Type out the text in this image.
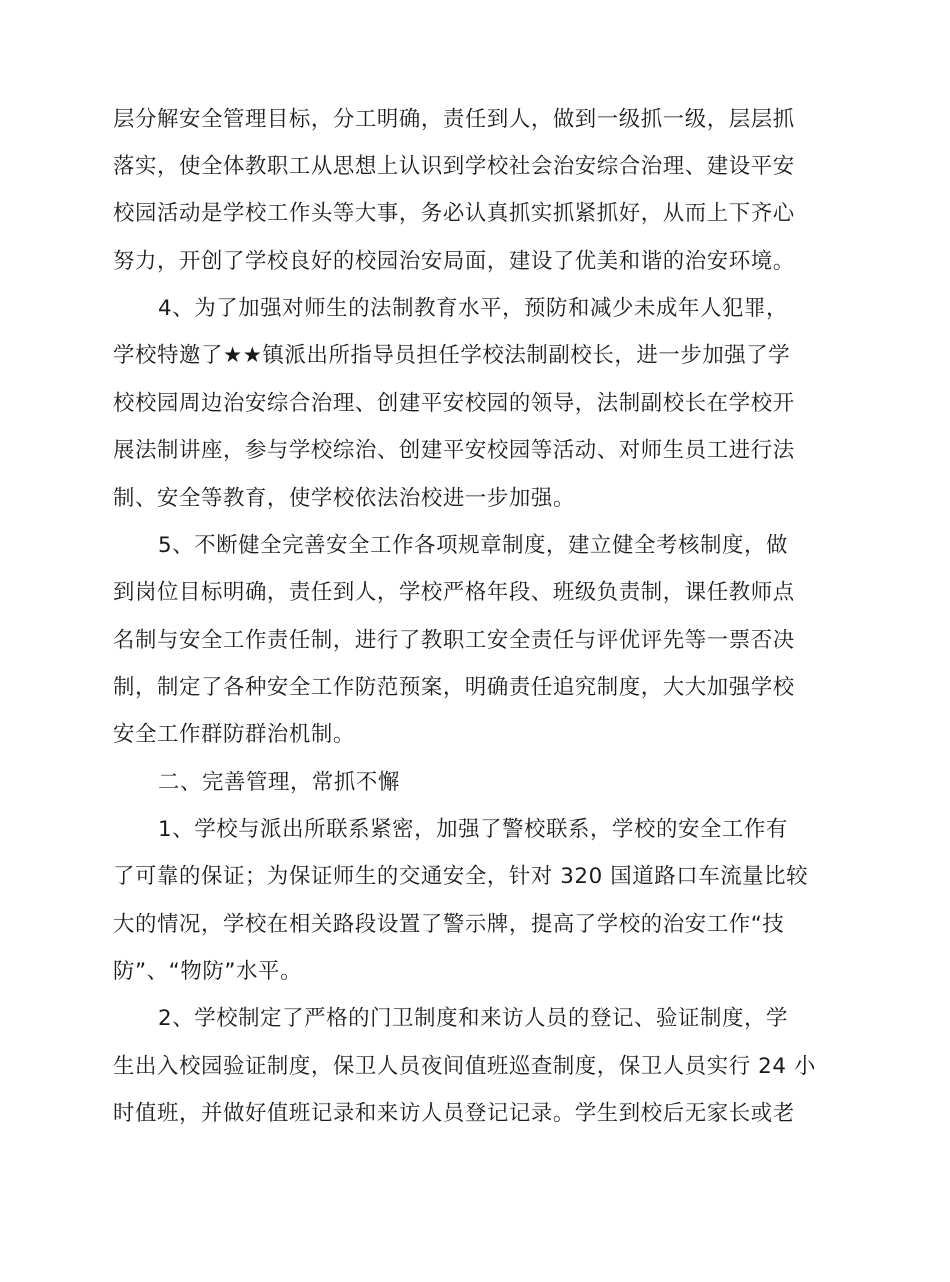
层分解安全管理目标，分工明确，责任到人，做到一级抓一级，层层抓
落实，使全体教职工从思想上认识到学校社会治安综合治理、建设平安
校园活动是学校工作头等大事，务必认真抓实抓紧抓好，从而上下齐心
努力，开创了学校良好的校园治安局面，建设了优美和谐的治安环境。
4、为了加强对师生的法制教育水平，预防和减少未成年人犯罪，
学校特邀了★★镇派出所指导员担任学校法制副校长，进一步加强了学
校校园周边治安综合治理、创建平安校园的领导，法制副校长在学校开
展法制讲座，参与学校综治、创建平安校园等活动、对师生员工进行法
制、安全等教育，使学校依法治校进一步加强。
5、不断健全完善安全工作各项规章制度，建立健全考核制度，做
到岗位目标明确，责任到人，学校严格年段、班级负责制，课任教师点
名制与安全工作责任制，进行了教职工安全责任与评优评先等一票否决
制，制定了各种安全工作防范预案，明确责任追究制度，大大加强学校
安全工作群防群治机制。
二、完善管理，常抓不懈
1、学校与派出所联系紧密，加强了警校联系，学校的安全工作有
了可靠的保证；为保证师生的交通安全，针对 320 国道路口车流量比较
大的情况，学校在相关路段设置了警示牌，提高了学校的治安工作“技
防”、“物防”水平。
2、学校制定了严格的门卫制度和来访人员的登记、验证制度，学
生出入校园验证制度，保卫人员夜间值班巡查制度，保卫人员实行 24 小
时值班，并做好值班记录和来访人员登记记录。学生到校后无家长或老
